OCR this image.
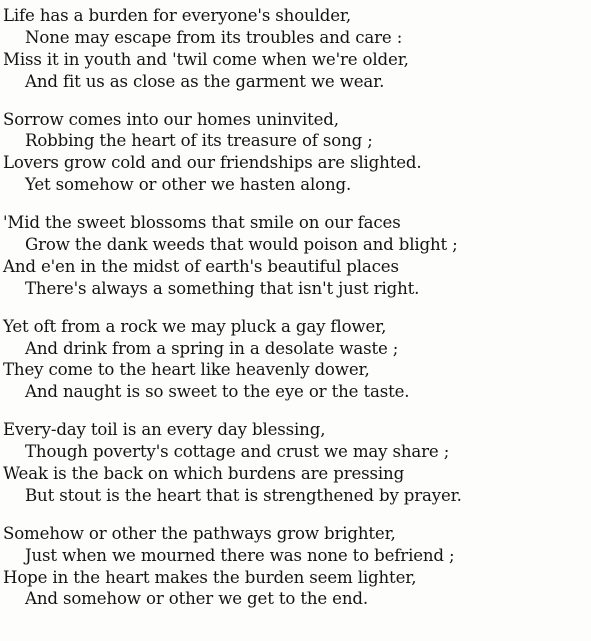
Life has a burden for everyone's shoulder,
None may escape from its troubles and care :
Miss it in youth and 'twil come when we're older,
And fit us as close as the garment we wear.
Sorrow comes into our homes uninvited,
Robbing the heart of its treasure of song ;
Lovers grow cold and our friendships are slighted.
Yet somehow or other we hasten along.
'Mid the sweet blossoms that smile on our faces
Grow the dank weeds that would poison and blight ;
And e'en in the midst of earth's beautiful places
There's always a something that isn't just right.
Yet oft from a rock we may pluck a gay flower,
And drink from a spring in a desolate waste ;
They come to the heart like heavenly dower,
And naught is so sweet to the eye or the taste.
Every-day toil is an every day blessing,
Though poverty's cottage and crust we may share ;
Weak is the back on which burdens are pressing
But stout is the heart that is strengthened by prayer.
Somehow or other the pathways grow brighter,
Just when we mourned there was none to befriend ;
Hope in the heart makes the burden seem lighter,
And somehow or other we get to the end.
